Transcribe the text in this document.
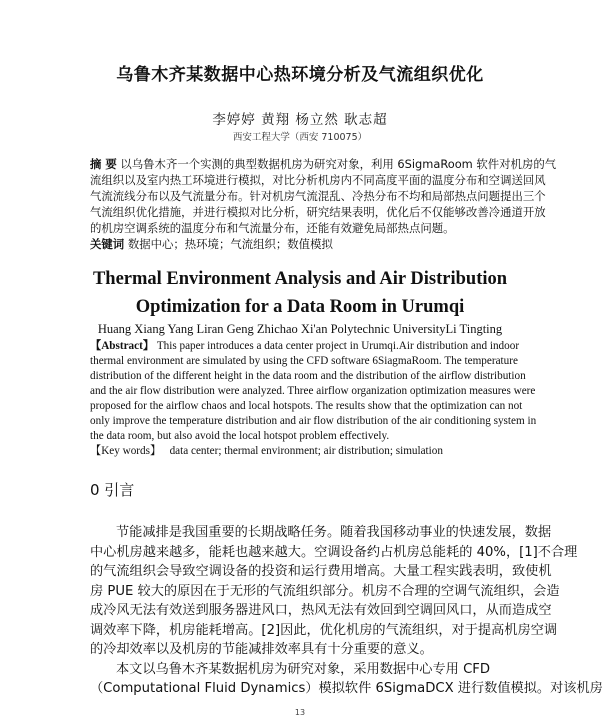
乌鲁木齐某数据中心热环境分析及气流组织优化
李婷婷 黄翔 杨立然 耿志超
西安工程大学（西安 710075）
摘 要 以乌鲁木齐一个实测的典型数据机房为研究对象，利用 6SigmaRoom 软件对机房的气
流组织以及室内热工环境进行模拟，对比分析机房内不同高度平面的温度分布和空调送回风
气流流线分布以及气流量分布。针对机房气流混乱、冷热分布不均和局部热点问题提出三个
气流组织优化措施，并进行模拟对比分析，研究结果表明，优化后不仅能够改善冷通道开放
的机房空调系统的温度分布和气流量分布，还能有效避免局部热点问题。
关键词 数据中心；热环境；气流组织；数值模拟
Thermal Environment Analysis and Air Distribution
Optimization for a Data Room in Urumqi
Huang Xiang Yang Liran Geng Zhichao Xi'an Polytechnic UniversityLi Tingting
【Abstract】 This paper introduces a data center project in Urumqi.Air distribution and indoor
thermal environment are simulated by using the CFD software 6SiagmaRoom. The temperature
distribution of the different height in the data room and the distribution of the airflow distribution
and the air flow distribution were analyzed. Three airflow organization optimization measures were
proposed for the airflow chaos and local hotspots. The results show that the optimization can not
only improve the temperature distribution and air flow distribution of the air conditioning system in
the data room, but also avoid the local hotspot problem effectively.
【Key words】 data center; thermal environment; air distribution; simulation
0 引言
节能减排是我国重要的长期战略任务。随着我国移动事业的快速发展，数据
中心机房越来越多，能耗也越来越大。空调设备约占机房总能耗的 40%，[1]不合理
的气流组织会导致空调设备的投资和运行费用增高。大量工程实践表明，致使机
房 PUE 较大的原因在于无形的气流组织部分。机房不合理的空调气流组织，会造
成冷风无法有效送到服务器进风口，热风无法有效回到空调回风口，从而造成空
调效率下降，机房能耗增高。[2]因此，优化机房的气流组织，对于提高机房空调
的冷却效率以及机房的节能减排效率具有十分重要的意义。
本文以乌鲁木齐某数据机房为研究对象，采用数据中心专用 CFD
（Computational Fluid Dynamics）模拟软件 6SigmaDCX 进行数值模拟。对该机房
13
